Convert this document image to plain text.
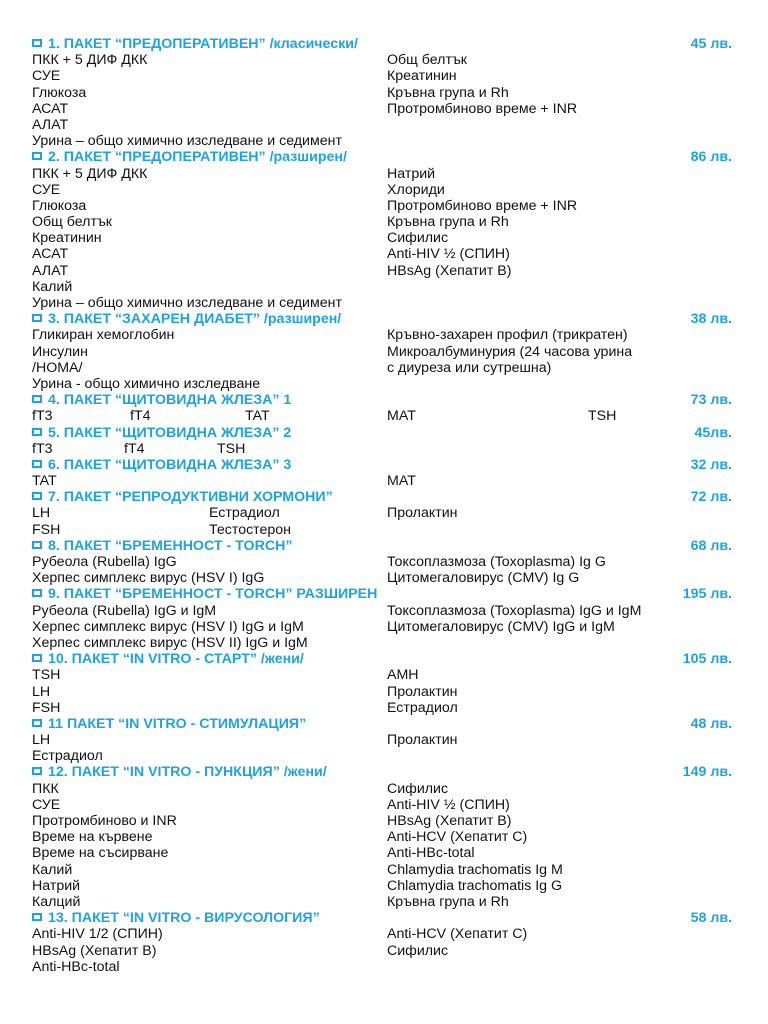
1. ПАКЕТ “ПРЕДОПЕРАТИВЕН” /класически/	45 лв.
ПКК + 5 ДИФ ДКК	Общ белтък
СУЕ	Креатинин
Глюкоза	Кръвна група и Rh
АСАТ	Протромбиново време + INR
АЛАТ
Урина – общо химично изследване и седимент
2. ПАКЕТ “ПРЕДОПЕРАТИВЕН” /разширен/	86 лв.
ПКК + 5 ДИФ ДКК	Натрий
СУЕ	Хлориди
Глюкоза	Протромбиново време + INR
Общ белтък	Кръвна група и Rh
Креатинин	Сифилис
АСАТ	Anti-HIV ½ (СПИН)
АЛАТ	HBsAg (Хепатит B)
Калий
Урина – общо химично изследване и седимент
3. ПАКЕТ “ЗАХАРЕН ДИАБЕТ” /разширен/	38 лв.
Гликиран хемоглобин	Кръвно-захарен профил (трикратен)
Инсулин	Микроалбуминурия (24 часова урина
/HOMA/	с диуреза или сутрешна)
Урина - общо химично изследване
4. ПАКЕТ “ЩИТОВИДНА ЖЛЕЗА” 1	73 лв.
fT3	fT4	TAT	MAT	TSH
5. ПАКЕТ “ЩИТОВИДНА ЖЛЕЗА” 2	45лв.
fT3	fT4	TSH
6. ПАКЕТ “ЩИТОВИДНА ЖЛЕЗА” 3	32 лв.
TAT	MAT
7. ПАКЕТ “РЕПРОДУКТИВНИ ХОРМОНИ”	72 лв.
LH	Естрадиол	Пролактин
FSH	Тестостерон
8. ПАКЕТ “БРЕМЕННОСТ - TORCH”	68 лв.
Рубеола (Rubella) IgG	Токсоплазмоза (Toxoplasma) Ig G
Херпес симплекс вирус (HSV I) IgG	Цитомегаловирус (CMV) Ig G
9. ПАКЕТ “БРЕМЕННОСТ - TORCH” РАЗШИРЕН	195 лв.
Рубеола (Rubella) IgG и IgM	Токсоплазмоза (Toxoplasma) IgG и IgM
Херпес симплекс вирус (HSV I) IgG и IgM	Цитомегаловирус (CMV) IgG и IgM
Херпес симплекс вирус (HSV II) IgG и IgM
10. ПАКЕТ “IN VITRO - СТАРТ” /жени/	105 лв.
TSH	AMH
LH	Пролактин
FSH	Естрадиол
11 ПАКЕТ “IN VITRO - СТИМУЛАЦИЯ”	48 лв.
LH	Пролактин
Естрадиол
12. ПАКЕТ “IN VITRO - ПУНКЦИЯ” /жени/	149 лв.
ПКК	Сифилис
СУЕ	Anti-HIV ½ (СПИН)
Протромбиново и INR	HBsAg (Хепатит B)
Време на кървене	Anti-HCV (Хепатит C)
Време на съсирване	Anti-HBc-total
Калий	Chlamydia trachomatis Ig M
Натрий	Chlamydia trachomatis Ig G
Калций	Кръвна група и Rh
13. ПАКЕТ “IN VITRO - ВИРУСОЛОГИЯ”	58 лв.
Anti-HIV 1/2 (СПИН)	Anti-HCV (Хепатит C)
HBsAg (Хепатит B)	Сифилис
Anti-HBc-total
